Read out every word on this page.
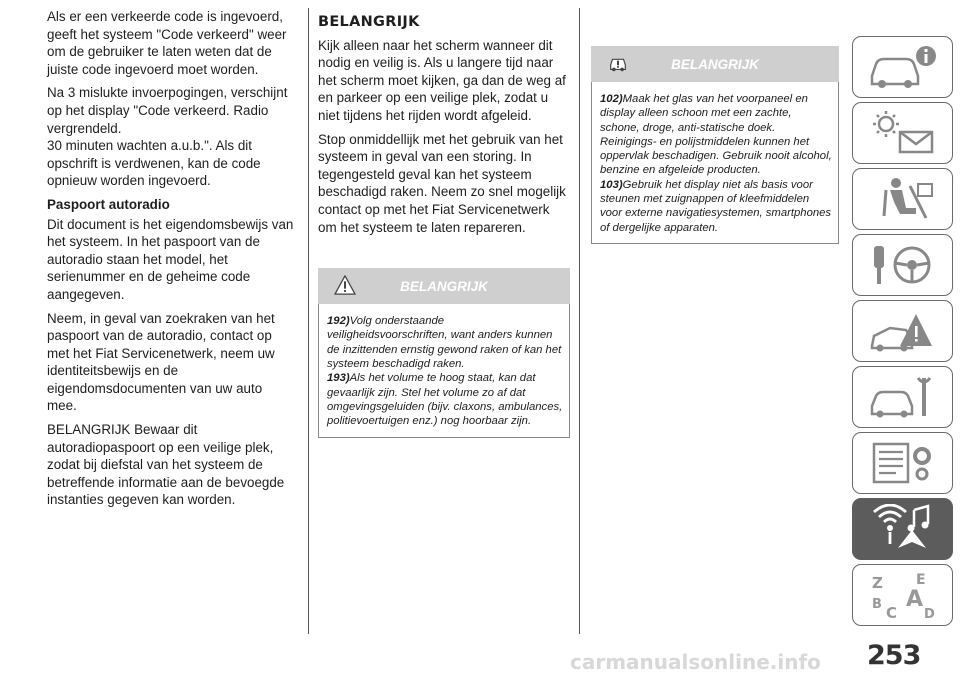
Als er een verkeerde code is ingevoerd, geeft het systeem "Code verkeerd" weer om de gebruiker te laten weten dat de juiste code ingevoerd moet worden.

Na 3 mislukte invoerpogingen, verschijnt op het display "Code verkeerd. Radio vergrendeld.
30 minuten wachten a.u.b.". Als dit opschrift is verdwenen, kan de code opnieuw worden ingevoerd.

Paspoort autoradio

Dit document is het eigendomsbewijs van het systeem. In het paspoort van de autoradio staan het model, het serienummer en de geheime code aangegeven.

Neem, in geval van zoekraken van het paspoort van de autoradio, contact op met het Fiat Servicenetwerk, neem uw identiteitsbewijs en de eigendomsdocumenten van uw auto mee.

BELANGRIJK Bewaar dit autoradiopaspoort op een veilige plek, zodat bij diefstal van het systeem de betreffende informatie aan de bevoegde instanties gegeven kan worden.

BELANGRIJK

Kijk alleen naar het scherm wanneer dit nodig en veilig is. Als u langere tijd naar het scherm moet kijken, ga dan de weg af en parkeer op een veilige plek, zodat u niet tijdens het rijden wordt afgeleid.

Stop onmiddellijk met het gebruik van het systeem in geval van een storing. In tegengesteld geval kan het systeem beschadigd raken. Neem zo snel mogelijk contact op met het Fiat Servicenetwerk om het systeem te laten repareren.

BELANGRIJK
192)Volg onderstaande veiligheidsvoorschriften, want anders kunnen de inzittenden ernstig gewond raken of kan het systeem beschadigd raken.
193)Als het volume te hoog staat, kan dat gevaarlijk zijn. Stel het volume zo af dat omgevingsgeluiden (bijv. claxons, ambulances, politievoertuigen enz.) nog hoorbaar zijn.
BELANGRIJK
102)Maak het glas van het voorpaneel en display alleen schoon met een zachte, schone, droge, anti-statische doek. Reinigings- en polijstmiddelen kunnen het oppervlak beschadigen. Gebruik nooit alcohol, benzine en afgeleide producten.
103)Gebruik het display niet als basis voor steunen met zuignappen of kleefmiddelen voor externe navigatiesystemen, smartphones of dergelijke apparaten.
Z E
B A
C D
253
carmanualsonline.info
